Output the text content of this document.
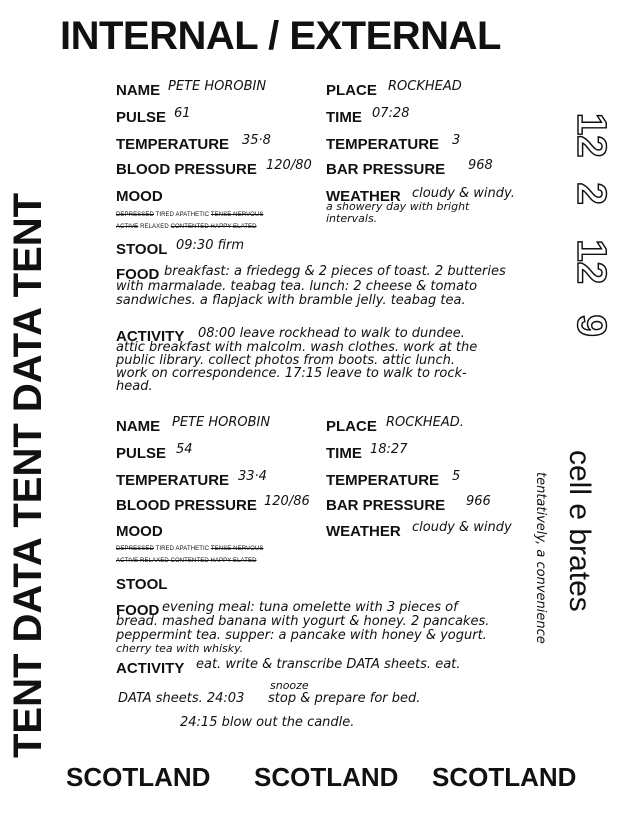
INTERNAL / EXTERNAL
TENT DATA TENT DATA TENT
12
2
12
9
cell e brates
tentatively, a convenience
NAME PETE HOROBIN	PLACE ROCKHEAD
PULSE 61	TIME 07:28
TEMPERATURE 35·8	TEMPERATURE 3
BLOOD PRESSURE 120/80 BAR PRESSURE 968
MOOD	WEATHER cloudy & windy.
a showery day with bright
intervals.
DEPRESSED TIRED APATHETIC TENSE NERVOUS
ACTIVE RELAXED CONTENTED HAPPY ELATED
STOOL 09:30 firm
FOOD breakfast: a friedegg & 2 pieces of toast. 2 butteries
with marmalade. teabag tea. lunch: 2 cheese & tomato
sandwiches. a flapjack with bramble jelly. teabag tea.
ACTIVITY 08:00 leave rockhead to walk to dundee.
attic breakfast with malcolm. wash clothes. work at the
public library. collect photos from boots. attic lunch.
work on correspondence. 17:15 leave to walk to rock-
head.
NAME PETE HOROBIN	PLACE ROCKHEAD.
PULSE 54	TIME 18:27
TEMPERATURE 33·4	TEMPERATURE 5
BLOOD PRESSURE 120/86 BAR PRESSURE 966
MOOD	WEATHER cloudy & windy
DEPRESSED TIRED APATHETIC TENSE NERVOUS
ACTIVE RELAXED CONTENTED HAPPY ELATED
STOOL
FOOD evening meal: tuna omelette with 3 pieces of
bread. mashed banana with yogurt & honey. 2 pancakes.
peppermint tea. supper: a pancake with honey & yogurt.
cherry tea with whisky.
ACTIVITY eat. write & transcribe DATA sheets. eat.
snooze
DATA sheets. 24:03 stop & prepare for bed.
24:15 blow out the candle.
SCOTLAND SCOTLAND SCOTLAND
